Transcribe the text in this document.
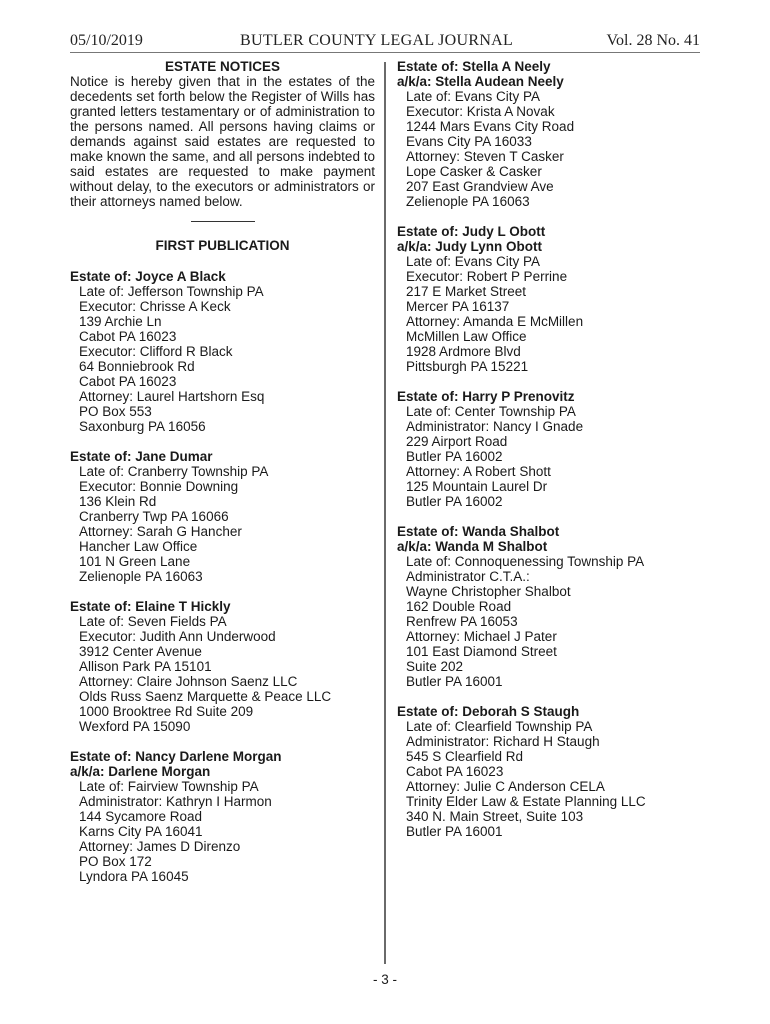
05/10/2019	BUTLER COUNTY LEGAL JOURNAL	Vol. 28 No. 41
ESTATE NOTICES

Notice is hereby given that in the estates of the decedents set forth below the Register of Wills has granted letters testamentary or of administration to the persons named. All persons having claims or demands against said estates are requested to make known the same, and all persons indebted to said estates are requested to make payment without delay, to the executors or administrators or their attorneys named below.

FIRST PUBLICATION
Estate of: Joyce A Black
Late of: Jefferson Township PA
Executor: Chrisse A Keck
139 Archie Ln
Cabot PA 16023
Executor: Clifford R Black
64 Bonniebrook Rd
Cabot PA 16023
Attorney: Laurel Hartshorn Esq
PO Box 553
Saxonburg PA 16056
Estate of: Jane Dumar
Late of: Cranberry Township PA
Executor: Bonnie Downing
136 Klein Rd
Cranberry Twp PA 16066
Attorney: Sarah G Hancher
Hancher Law Office
101 N Green Lane
Zelienople PA 16063
Estate of: Elaine T Hickly
Late of: Seven Fields PA
Executor: Judith Ann Underwood
3912 Center Avenue
Allison Park PA 15101
Attorney: Claire Johnson Saenz LLC
Olds Russ Saenz Marquette & Peace LLC
1000 Brooktree Rd Suite 209
Wexford PA 15090
Estate of: Nancy Darlene Morgan
a/k/a: Darlene Morgan
Late of: Fairview Township PA
Administrator: Kathryn I Harmon
144 Sycamore Road
Karns City PA 16041
Attorney: James D Direnzo
PO Box 172
Lyndora PA 16045
Estate of: Stella A Neely
a/k/a: Stella Audean Neely
Late of: Evans City PA
Executor: Krista A Novak
1244 Mars Evans City Road
Evans City PA 16033
Attorney: Steven T Casker
Lope Casker & Casker
207 East Grandview Ave
Zelienople PA 16063
Estate of: Judy L Obott
a/k/a: Judy Lynn Obott
Late of: Evans City PA
Executor: Robert P Perrine
217 E Market Street
Mercer PA 16137
Attorney: Amanda E McMillen
McMillen Law Office
1928 Ardmore Blvd
Pittsburgh PA 15221
Estate of: Harry P Prenovitz
Late of: Center Township PA
Administrator: Nancy I Gnade
229 Airport Road
Butler PA 16002
Attorney: A Robert Shott
125 Mountain Laurel Dr
Butler PA 16002
Estate of: Wanda Shalbot
a/k/a: Wanda M Shalbot
Late of: Connoquenessing Township PA
Administrator C.T.A.:
Wayne Christopher Shalbot
162 Double Road
Renfrew PA 16053
Attorney: Michael J Pater
101 East Diamond Street
Suite 202
Butler PA 16001
Estate of: Deborah S Staugh
Late of: Clearfield Township PA
Administrator: Richard H Staugh
545 S Clearfield Rd
Cabot PA 16023
Attorney: Julie C Anderson CELA
Trinity Elder Law & Estate Planning LLC
340 N. Main Street, Suite 103
Butler PA 16001
- 3 -
